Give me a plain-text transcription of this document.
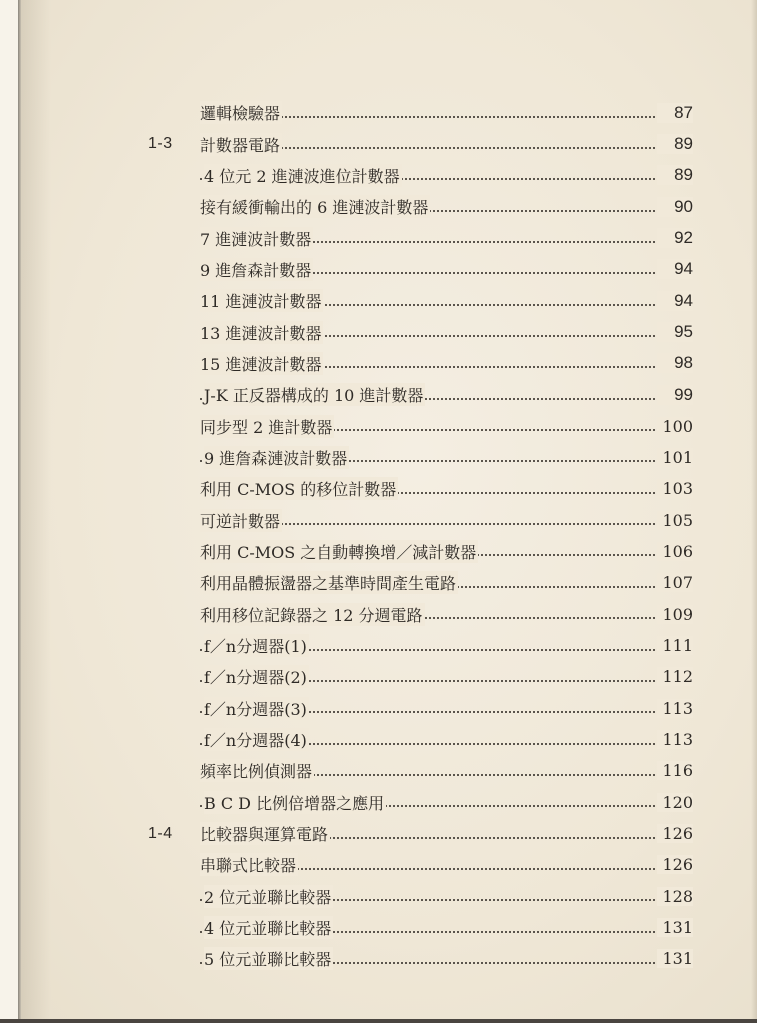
邏輯檢驗器	87
1-3	計數器電路	89
4 位元 2 進漣波進位計數器	89
接有緩衝輸出的 6 進漣波計數器	90
7 進漣波計數器	92
9 進詹森計數器	94
11 進漣波計數器	94
13 進漣波計數器	95
15 進漣波計數器	98
J-K 正反器構成的 10 進計數器	99
同步型 2 進計數器	100
9 進詹森漣波計數器	101
利用 C-MOS 的移位計數器	103
可逆計數器	105
利用 C-MOS 之自動轉換增／減計數器	106
利用晶體振盪器之基準時間產生電路	107
利用移位記錄器之 12 分週電路	109
f／n分週器(1)	111
f／n分週器(2)	112
f／n分週器(3)	113
f／n分週器(4)	113
頻率比例偵測器	116
B C D 比例倍增器之應用	120
1-4	比較器與運算電路	126
串聯式比較器	126
2 位元並聯比較器	128
4 位元並聯比較器	131
5 位元並聯比較器	131
